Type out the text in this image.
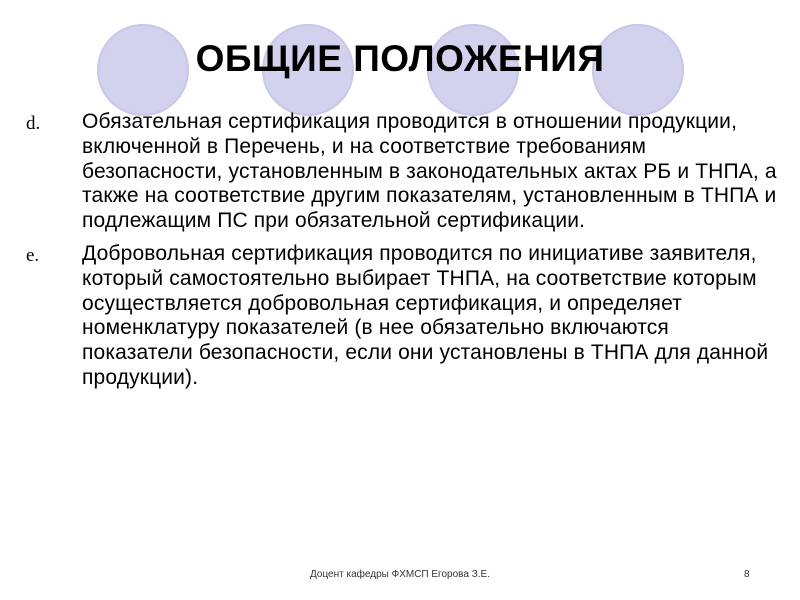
ОБЩИЕ ПОЛОЖЕНИЯ
d.	Обязательная сертификация проводится в отношении продукции, включенной в Перечень, и на соответствие требованиям безопасности, установленным в законодательных актах РБ и ТНПА, а также на соответствие другим показателям, установленным в ТНПА и подлежащим ПС при обязательной сертификации.
e.	Добровольная сертификация проводится по инициативе заявителя, который самостоятельно выбирает ТНПА, на соответствие которым осуществляется добровольная сертификация, и определяет номенклатуру показателей (в нее обязательно включаются показатели безопасности, если они установлены в ТНПА для данной продукции).
Доцент кафедры ФХМСП Егорова З.Е.	8
